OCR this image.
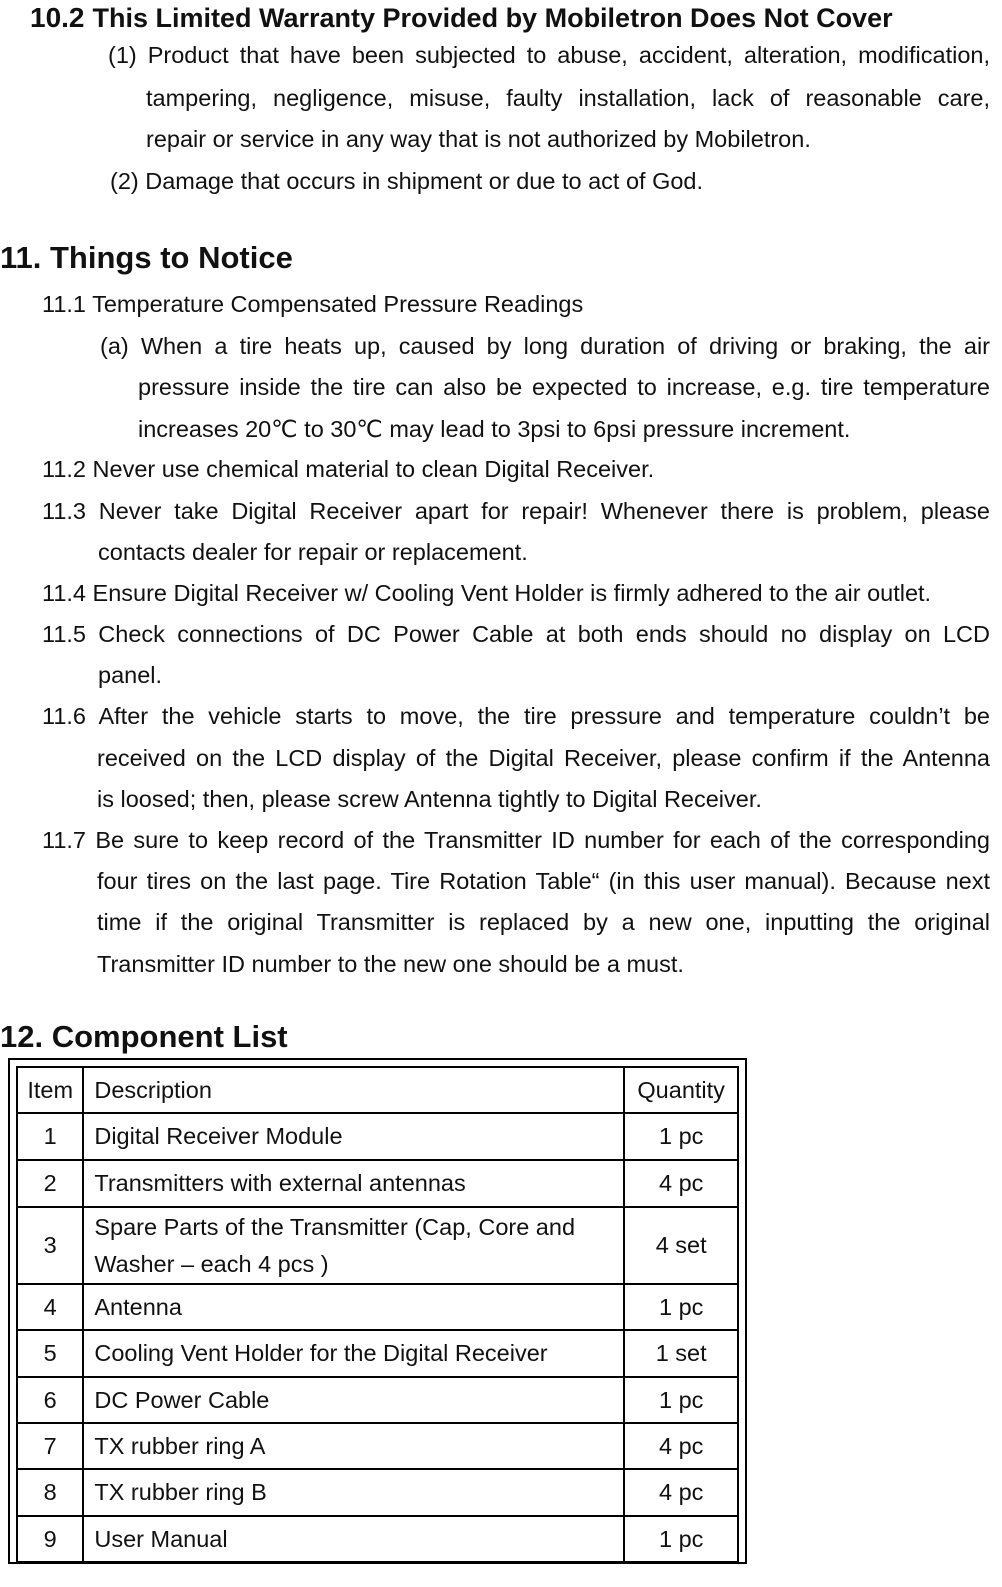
10.2 This Limited Warranty Provided by Mobiletron Does Not Cover
(1) Product that have been subjected to abuse, accident, alteration, modification,
tampering, negligence, misuse, faulty installation, lack of reasonable care,
repair or service in any way that is not authorized by Mobiletron.
(2) Damage that occurs in shipment or due to act of God.
11. Things to Notice
11.1 Temperature Compensated Pressure Readings
(a) When a tire heats up, caused by long duration of driving or braking, the air
pressure inside the tire can also be expected to increase, e.g. tire temperature
increases 20℃ to 30℃ may lead to 3psi to 6psi pressure increment.
11.2 Never use chemical material to clean Digital Receiver.
11.3 Never take Digital Receiver apart for repair! Whenever there is problem, please
contacts dealer for repair or replacement.
11.4 Ensure Digital Receiver w/ Cooling Vent Holder is firmly adhered to the air outlet.
11.5 Check connections of DC Power Cable at both ends should no display on LCD
panel.
11.6 After the vehicle starts to move, the tire pressure and temperature couldn’t be
received on the LCD display of the Digital Receiver, please confirm if the Antenna
is loosed; then, please screw Antenna tightly to Digital Receiver.
11.7 Be sure to keep record of the Transmitter ID number for each of the corresponding
four tires on the last page. Tire Rotation Table“ (in this user manual). Because next
time if the original Transmitter is replaced by a new one, inputting the original
Transmitter ID number to the new one should be a must.
12. Component List
Item	Description	Quantity
1	Digital Receiver Module	1 pc
2	Transmitters with external antennas	4 pc
3	Spare Parts of the Transmitter (Cap, Core and
Washer – each 4 pcs )	4 set
4	Antenna	1 pc
5	Cooling Vent Holder for the Digital Receiver	1 set
6	DC Power Cable	1 pc
7	TX rubber ring A	4 pc
8	TX rubber ring B	4 pc
9	User Manual	1 pc
